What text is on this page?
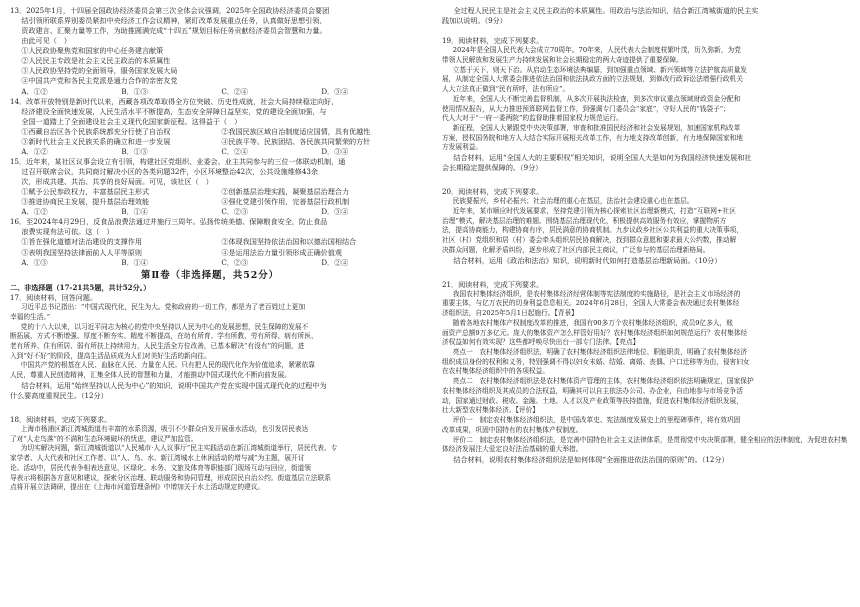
13．2025年1月，十四届全国政协经济委员会第三次全体会议强调，2025年全国政协经济委员会要团

结引领所联系界别委员紧扣中央经济工作会议精神，紧盯改革发展重点任务，认真做好思想引领、

资政建言、汇聚力量等工作，为助推圆满完成“十四五”规划目标任务贡献经济委员会智慧和力量。

由此可见（　）

①人民政协聚焦党和国家的中心任务建言献策

②人民民主专政是社会主义民主政治的本质属性

③人民政协坚持党的全面领导，服务国家发展大局

④中国共产党和各民主党派是通力合作的亲密友党

A．①②	B．①③	C．②④	D．③④

14．改革开放特别是新时代以来，西藏各项改革取得全方位突破、历史性成就，社会大局持续稳定向好，

经济建设全面快速发展，人民生活水平不断提高，生态安全屏障日益坚实，党的建设全面加强，与

全国一道踏上了全面建设社会主义现代化国家新征程。这得益于（　）

①西藏自治区各个民族系统都充分行使了自治权	②我国民族区域自治制度适应国情，具有优越性
③新时代社会主义民族关系的确立和进一步发展	④民族平等、民族团结、各民族共同繁荣的方针
A．①②	B．①③	C．②④	D．③④

15．近年来，某社区议事会设立有引领，构建社区党组织、业委会、业主共同参与的三位一体联动机制，通

过召开联席会议，共同商讨解决小区的各类问题32件，小区环境整治42次，公共设施维修43余

次，形成共建、共治、共享的良好局面。可见，该社区（　）

①赋予公民参政权力，丰富基层民主形式	②创新基层治理实践，凝聚基层治理合力
③推进协商民主发展，提升基层治理效能	④强化党建引领作用，完善基层行政机制
A．①②	B．①④	C．②③	D．③④

16．至2024年4月29日，反食品浪费法通过并施行三周年。弘扬传统美德、保障粮食安全，防止食品

浪费实现有法可依。这（　）

①旨在强化道德对法治建设的支撑作用	②体现我国坚持依法治国和以德治国相结合
③表明我国坚持法律面前人人平等原则	④是运用法治力量引领形成正确价值观
A．①③	B．①④	C．②③	D．②④

第Ⅱ卷（非选择题，共52分）

二、非选择题（17-21共5题，共计52分。）

17．阅读材料，回答问题。

习近平总书记指出：“中国式现代化，民生为大。党和政府的一切工作，都是为了老百姓过上更加

幸福的生活。”

党的十八大以来，以习近平同志为核心的党中央坚持以人民为中心的发展思想，民生保障的发展不

断拓展、方式不断增强、厚度不断夯实、精度不断提高，在幼有所育、学有所教、劳有所得、病有所医、

老有所养、住有所居、弱有所扶上持续用力，人民生活全方位改善，已基本解决“有没有”的问题，进

入到“好不好”的阶段，提高生活品质成为人们对美好生活的新向往。

中国共产党的根基在人民、血脉在人民、力量在人民。只有把人民的现代化作为价值追求，紧紧依靠

人民，尊重人民创造精神，汇集全体人民的智慧和力量，才能推动中国式现代化不断向前发展。

结合材料，运用“始终坚持以人民为中心”的知识，说明中国共产党在实现中国式现代化的过程中为

什么要高度重视民生。（12分）

18．阅读材料，完成下列要求。

上海市杨浦区新江湾城街道有丰富的水系资源，吸引不少群众自发开展垂水活动，也引发居民表达

了对“人走鸟落”的不满和生态环境破坏的忧虑，建议严加监管。

为切实解决问题，新江湾城街道以“人民城市·人人议事厅”民主实践活动在新江湾城街道举行，居民代表、专

家学者、人大代表和社区工作者、以“人、鸟、水、新江湾城水上休闲活动的增与减”为主题，展开讨

论。活动中，居民代表争相表达意见，区绿化、水务、文旅及体育等职能部门现场互动与回应，街道领

导表示将根据各方意见和建议，探索分区治理、联动服务和协同管理，形成居民自治公约。街道基层立法联系

点将开展立法调研，提出在《上海市河道管理条例》中增加关于水上活动规定的建议。

全过程人民民主是社会主义民主政治的本质属性。用政治与法治知识，结合新江湾城街道的民主实

践加以说明。（9分）

19．阅读材料，完成下列要求。

2024年是全国人民代表大会成立70周年。70年来，人民代表大会制度枝繁叶茂，历久弥新，为党

带领人民解放和发展生产力持续发展和社会长期稳定的两大奇迹提供了重要保障。

立基于天下，则天下治。从启动生态环境法典编纂，到加强重点领域、新兴领域等立法护航高质量发

展，从制定全国人大常委会推进依法治国和依法执政方面的立法规划，到修改行政诉讼法增强行政机关

人大立法真正做到“民有所呼，法有所应”。

近年来，全国人大不断完善监督机制，从多次开展执法检查，到多次审议重点领域财政资金分配和

使用情况报告，从大力推进预算联网监督工作，到强调专门委员会“家底”，守好人民的“钱袋子”；

代人大对于“一府一委两院”的监督助推着国家权力规范运行。

新征程，全国人大紧跟党中央决策部署，审查和批准国民经济和社会发展规划，加速国家机构改革

方案，授权国务院和地方人大结合实际开展相关改革工作，有力地支持改革创新，有力地保障国家和地

方发展利益。

结合材料，运用“全国人大的主要职权”相关知识，说明全国人大是如何为我国经济快速发展和社

会长期稳定提供保障的。（9分）

20．阅读材料，完成下列要求。

民族要振兴，乡村必振兴；社会治理的重心在基层，法治社会建设重心也在基层。

近年来，某市顺应时代发展要求，坚持党建引领为核心探索社区治理新模式，打造“互联网+社区

治理”模式，解决基层治理的难题。围绕基层治理现代化，积极提供高效服务有效应，掌握物质方

法，提高协商能力，构建协商有序，居民满意的协商机制。九步议政乡社区公共利益的重大决策事项，

社区（村）党组织和居（村）委会牵头组织居民协商解决，找到群众意愿和要求最大公约数，推动解

决群众问题，化解矛盾纠纷，逐步形成了社区内部民主商议，广泛参与的基层治理新格局。

结合材料，运用《政治和法治》知识，说明新时代如何打造基层治理新局面。（10分）

21．阅读材料，完成下列要求。

我国农村集体经济组织，是农村集体经济经营体制等宪法制度的实施路径，是社会主义市场经济的

重要主体，与亿万农民的切身利益息息相关。2024年6月28日，全国人大常委会表决通过农村集体经

济组织法，自2025年5月1日起施行。【背景】

随着各地农村集体产权制度改革的推进，我国有90多万个农村集体经济组织，成员9亿多人，账

面资产总额9万多亿元。庞大的集体资产怎么样管好用好？农村集体经济组织如何规范运行？农村集体经

济权益如何有效实现？这些都呼唤尽快出台一部专门法律。【亮点】

亮点一　农村集体经济组织法，明确了农村集体经济组织法律地位、职能职责，明确了农村集体经济

组织成员身份的权利和义务，特别强调不得以妇女未婚、结婚、离婚、丧偶、户口迁移等为由，侵害妇女

在农村集体经济组织中的各项权益。

亮点二　农村集体经济组织法是农村集体资产管理的主体，农村集体经济组织依法明确规定，国家保护

农村集体经济组织及其成员的合法权益，明确其可以自主依法办公司、办企业，自由地参与市场竞争活

动，国家通过财政、税收、金融、土地、人才以及产业政策等扶持措施，促进农村集体经济组织发展，

壮大新型农村集体经济。【评价】

评价一　制定农村集体经济组织法，是中国改革史、宪法制度发展史上的里程碑事件，将有效巩固

改革成果，巩固中国特有的农村集体产权制度。

评价二　制定农村集体经济组织法，是完善中国特色社会主义法律体系，是贯彻党中央决策部署，健全相应的法律制度，为促进农村集

体经济发展注大爱定良好法治基础的重大举措。

结合材料，说明农村集体经济组织法是如何体现“全面推进依法治国的原则”的。（12分）
